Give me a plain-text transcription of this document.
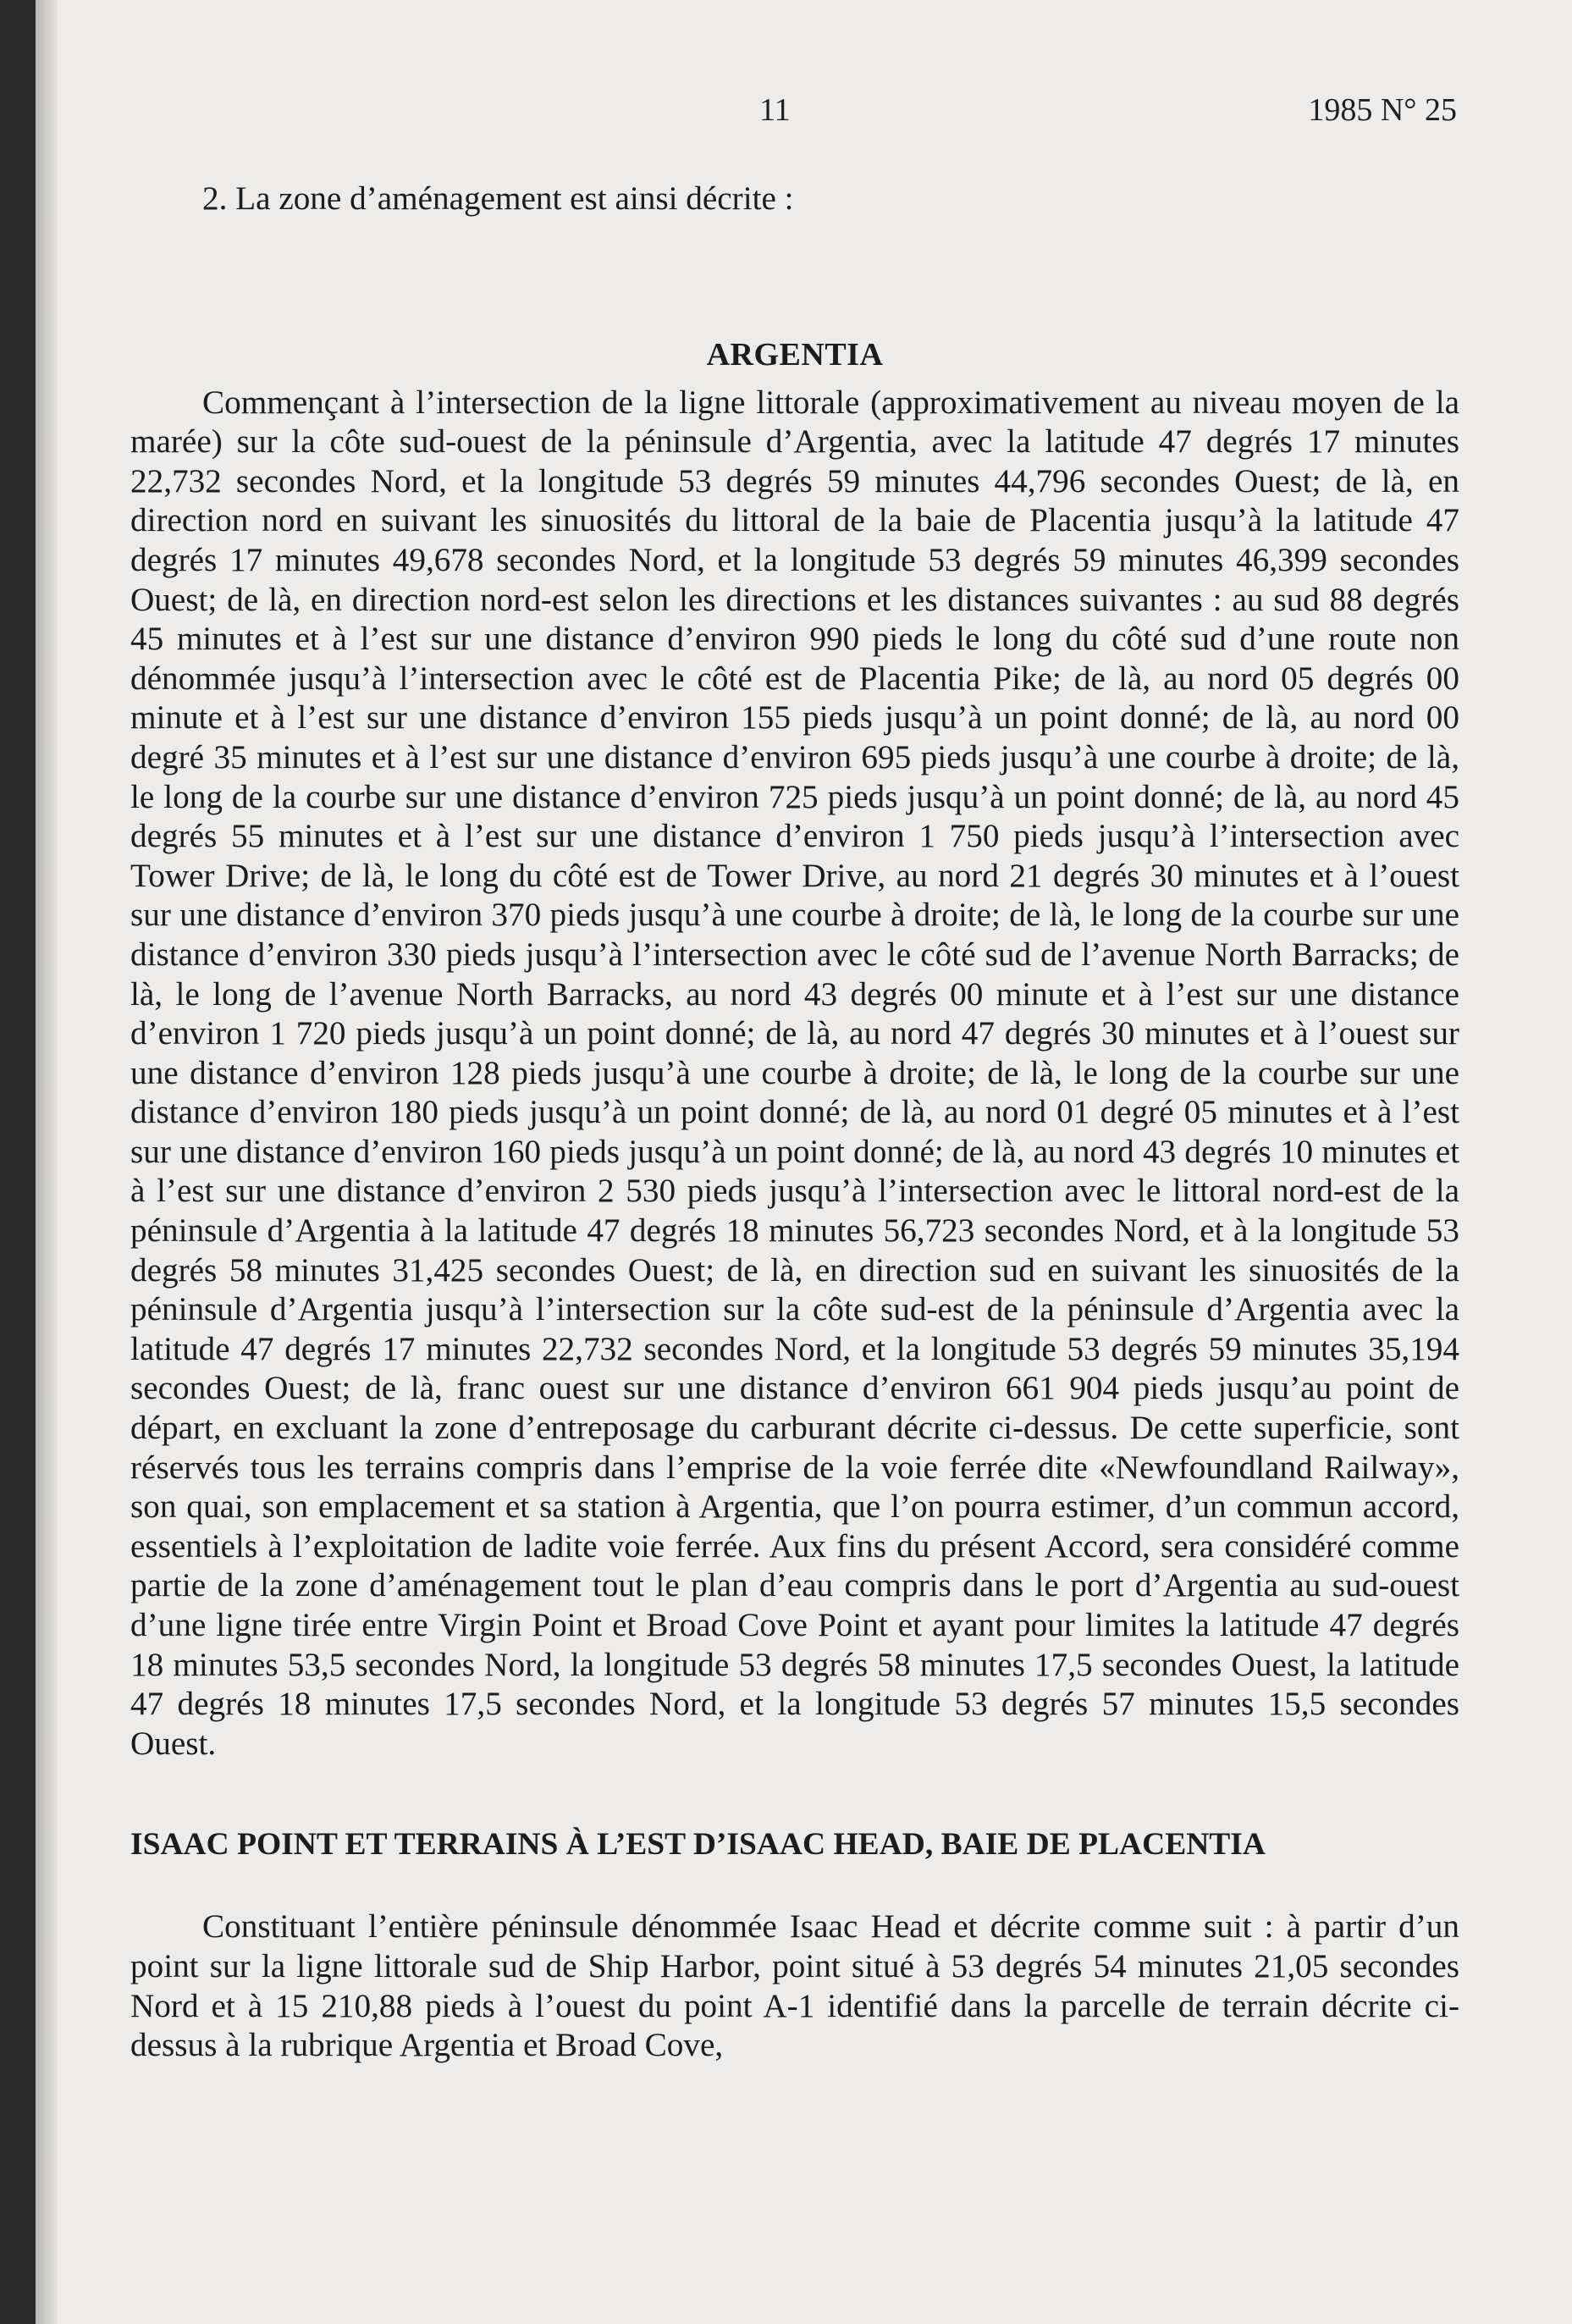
11	1985 N° 25

2. La zone d’aménagement est ainsi décrite :

ARGENTIA

Commençant à l’intersection de la ligne littorale (approximativement au niveau moyen de la marée) sur la côte sud-ouest de la péninsule d’Argentia, avec la latitude 47 degrés 17 minutes 22,732 secondes Nord, et la longitude 53 degrés 59 minutes 44,796 secondes Ouest; de là, en direction nord en suivant les sinuosités du littoral de la baie de Placentia jusqu’à la latitude 47 degrés 17 minutes 49,678 secondes Nord, et la longitude 53 degrés 59 minutes 46,399 secondes Ouest; de là, en direction nord-est selon les directions et les distances suivantes : au sud 88 degrés 45 minutes et à l’est sur une distance d’environ 990 pieds le long du côté sud d’une route non dénommée jusqu’à l’intersection avec le côté est de Placentia Pike; de là, au nord 05 degrés 00 minute et à l’est sur une distance d’environ 155 pieds jusqu’à un point donné; de là, au nord 00 degré 35 minutes et à l’est sur une distance d’environ 695 pieds jusqu’à une courbe à droite; de là, le long de la courbe sur une distance d’environ 725 pieds jusqu’à un point donné; de là, au nord 45 degrés 55 minutes et à l’est sur une distance d’environ 1 750 pieds jusqu’à l’intersection avec Tower Drive; de là, le long du côté est de Tower Drive, au nord 21 degrés 30 minutes et à l’ouest sur une distance d’environ 370 pieds jusqu’à une courbe à droite; de là, le long de la courbe sur une distance d’environ 330 pieds jusqu’à l’intersection avec le côté sud de l’avenue North Barracks; de là, le long de l’avenue North Barracks, au nord 43 degrés 00 minute et à l’est sur une distance d’environ 1 720 pieds jusqu’à un point donné; de là, au nord 47 degrés 30 minutes et à l’ouest sur une distance d’environ 128 pieds jusqu’à une courbe à droite; de là, le long de la courbe sur une distance d’environ 180 pieds jusqu’à un point donné; de là, au nord 01 degré 05 minutes et à l’est sur une distance d’environ 160 pieds jusqu’à un point donné; de là, au nord 43 degrés 10 minutes et à l’est sur une distance d’environ 2 530 pieds jusqu’à l’intersection avec le littoral nord-est de la péninsule d’Argentia à la latitude 47 degrés 18 minutes 56,723 secondes Nord, et à la longitude 53 degrés 58 minutes 31,425 secondes Ouest; de là, en direction sud en suivant les sinuosités de la péninsule d’Argentia jusqu’à l’intersection sur la côte sud-est de la péninsule d’Argentia avec la latitude 47 degrés 17 minutes 22,732 secondes Nord, et la longitude 53 degrés 59 minutes 35,194 secondes Ouest; de là, franc ouest sur une distance d’environ 661 904 pieds jusqu’au point de départ, en excluant la zone d’entreposage du carburant décrite ci-dessus. De cette superficie, sont réservés tous les terrains compris dans l’emprise de la voie ferrée dite «Newfoundland Railway», son quai, son emplacement et sa station à Argentia, que l’on pourra estimer, d’un commun accord, essentiels à l’exploitation de ladite voie ferrée. Aux fins du présent Accord, sera considéré comme partie de la zone d’aménagement tout le plan d’eau compris dans le port d’Argentia au sud-ouest d’une ligne tirée entre Virgin Point et Broad Cove Point et ayant pour limites la latitude 47 degrés 18 minutes 53,5 secondes Nord, la longitude 53 degrés 58 minutes 17,5 secondes Ouest, la latitude 47 degrés 18 minutes 17,5 secondes Nord, et la longitude 53 degrés 57 minutes 15,5 secondes Ouest.

ISAAC POINT ET TERRAINS À L’EST D’ISAAC HEAD, BAIE DE PLACENTIA

Constituant l’entière péninsule dénommée Isaac Head et décrite comme suit : à partir d’un point sur la ligne littorale sud de Ship Harbor, point situé à 53 degrés 54 minutes 21,05 secondes Nord et à 15 210,88 pieds à l’ouest du point A-1 identifié dans la parcelle de terrain décrite ci-dessus à la rubrique Argentia et Broad Cove,
